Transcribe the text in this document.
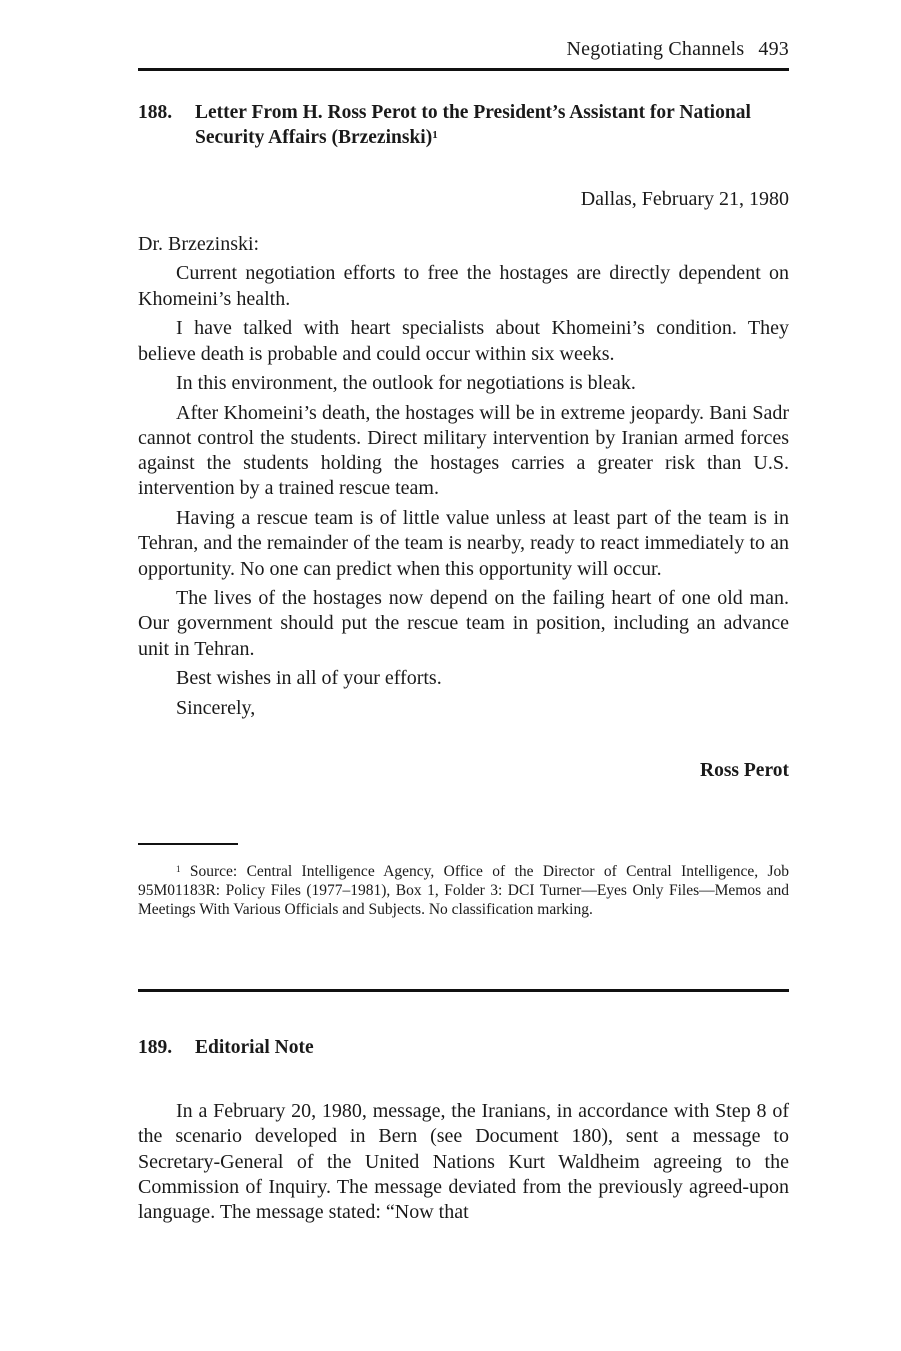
Negotiating Channels 493
188. Letter From H. Ross Perot to the President’s Assistant for National Security Affairs (Brzezinski)$^1$
Dallas, February 21, 1980

Dr. Brzezinski:

Current negotiation efforts to free the hostages are directly dependent on Khomeini’s health.

I have talked with heart specialists about Khomeini’s condition. They believe death is probable and could occur within six weeks.

In this environment, the outlook for negotiations is bleak.

After Khomeini’s death, the hostages will be in extreme jeopardy. Bani Sadr cannot control the students. Direct military intervention by Iranian armed forces against the students holding the hostages carries a greater risk than U.S. intervention by a trained rescue team.

Having a rescue team is of little value unless at least part of the team is in Tehran, and the remainder of the team is nearby, ready to react immediately to an opportunity. No one can predict when this opportunity will occur.

The lives of the hostages now depend on the failing heart of one old man. Our government should put the rescue team in position, including an advance unit in Tehran.

Best wishes in all of your efforts.

Sincerely,

Ross Perot

$^1$ Source: Central Intelligence Agency, Office of the Director of Central Intelligence, Job 95M01183R: Policy Files (1977–1981), Box 1, Folder 3: DCI Turner—Eyes Only Files—Memos and Meetings With Various Officials and Subjects. No classification marking.

189. Editorial Note

In a February 20, 1980, message, the Iranians, in accordance with Step 8 of the scenario developed in Bern (see Document 180), sent a message to Secretary-General of the United Nations Kurt Waldheim agreeing to the Commission of Inquiry. The message deviated from the previously agreed-upon language. The message stated: “Now that
